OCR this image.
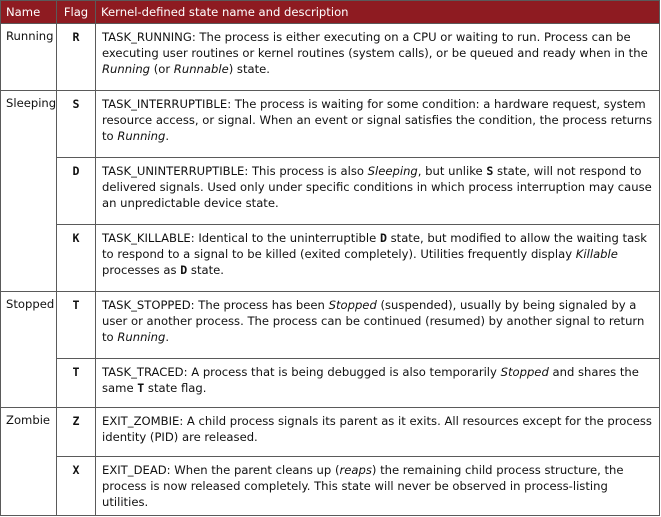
Name	Flag	Kernel-defined state name and description
Running	R	TASK_RUNNING: The process is either executing on a CPU or waiting to run. Process can be executing user routines or kernel routines (system calls), or be queued and ready when in the Running (or Runnable) state.
Sleeping	S	TASK_INTERRUPTIBLE: The process is waiting for some condition: a hardware request, system resource access, or signal. When an event or signal satisfies the condition, the process returns to Running.
	D	TASK_UNINTERRUPTIBLE: This process is also Sleeping, but unlike S state, will not respond to delivered signals. Used only under specific conditions in which process interruption may cause an unpredictable device state.
	K	TASK_KILLABLE: Identical to the uninterruptible D state, but modified to allow the waiting task to respond to a signal to be killed (exited completely). Utilities frequently display Killable processes as D state.
Stopped	T	TASK_STOPPED: The process has been Stopped (suspended), usually by being signaled by a user or another process. The process can be continued (resumed) by another signal to return to Running.
	T	TASK_TRACED: A process that is being debugged is also temporarily Stopped and shares the same T state flag.
Zombie	Z	EXIT_ZOMBIE: A child process signals its parent as it exits. All resources except for the process identity (PID) are released.
	X	EXIT_DEAD: When the parent cleans up (reaps) the remaining child process structure, the process is now released completely. This state will never be observed in process-listing utilities.
